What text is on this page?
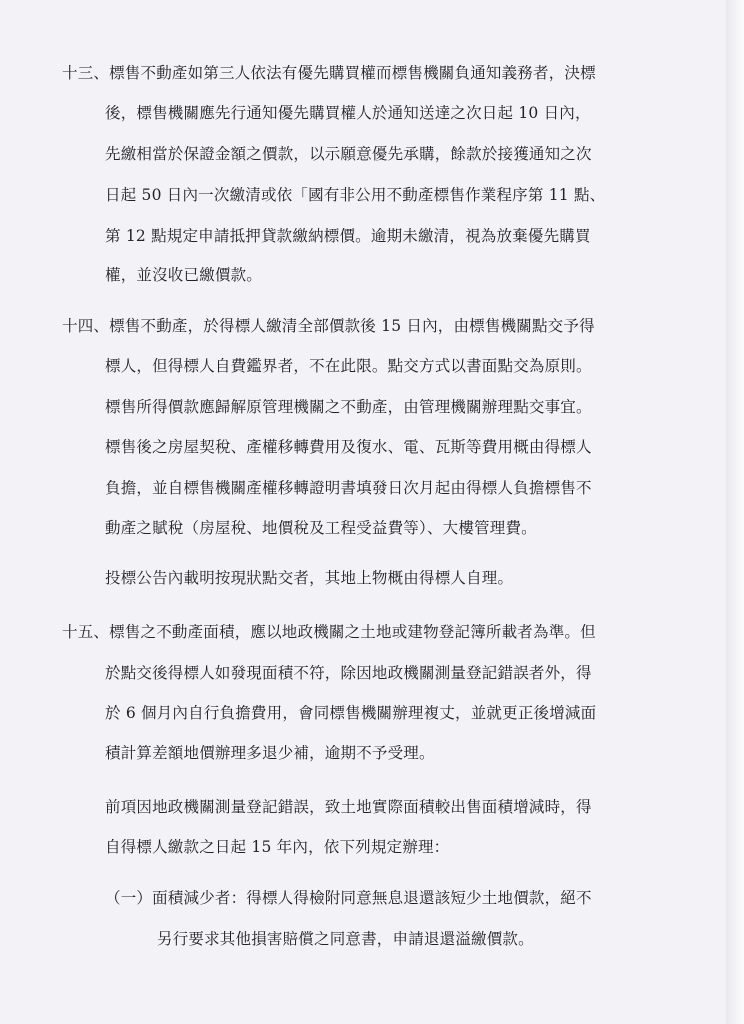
十三、標售不動產如第三人依法有優先購買權而標售機關負通知義務者，決標
後，標售機關應先行通知優先購買權人於通知送達之次日起 10 日內，
先繳相當於保證金額之價款，以示願意優先承購，餘款於接獲通知之次
日起 50 日內一次繳清或依「國有非公用不動產標售作業程序第 11 點、
第 12 點規定申請抵押貸款繳納標價。逾期未繳清，視為放棄優先購買
權，並沒收已繳價款。
十四、標售不動產，於得標人繳清全部價款後 15 日內，由標售機關點交予得
標人，但得標人自費鑑界者，不在此限。點交方式以書面點交為原則。
標售所得價款應歸解原管理機關之不動產，由管理機關辦理點交事宜。
標售後之房屋契稅、產權移轉費用及復水、電、瓦斯等費用概由得標人
負擔，並自標售機關產權移轉證明書填發日次月起由得標人負擔標售不
動產之賦稅（房屋稅、地價稅及工程受益費等）、大樓管理費。
投標公告內載明按現狀點交者，其地上物概由得標人自理。
十五、標售之不動產面積，應以地政機關之土地或建物登記簿所載者為準。但
於點交後得標人如發現面積不符，除因地政機關測量登記錯誤者外，得
於 6 個月內自行負擔費用，會同標售機關辦理複丈，並就更正後增減面
積計算差額地價辦理多退少補，逾期不予受理。
前項因地政機關測量登記錯誤，致土地實際面積較出售面積增減時，得
自得標人繳款之日起 15 年內，依下列規定辦理：
（一）面積減少者：得標人得檢附同意無息退還該短少土地價款，絕不
另行要求其他損害賠償之同意書，申請退還溢繳價款。
